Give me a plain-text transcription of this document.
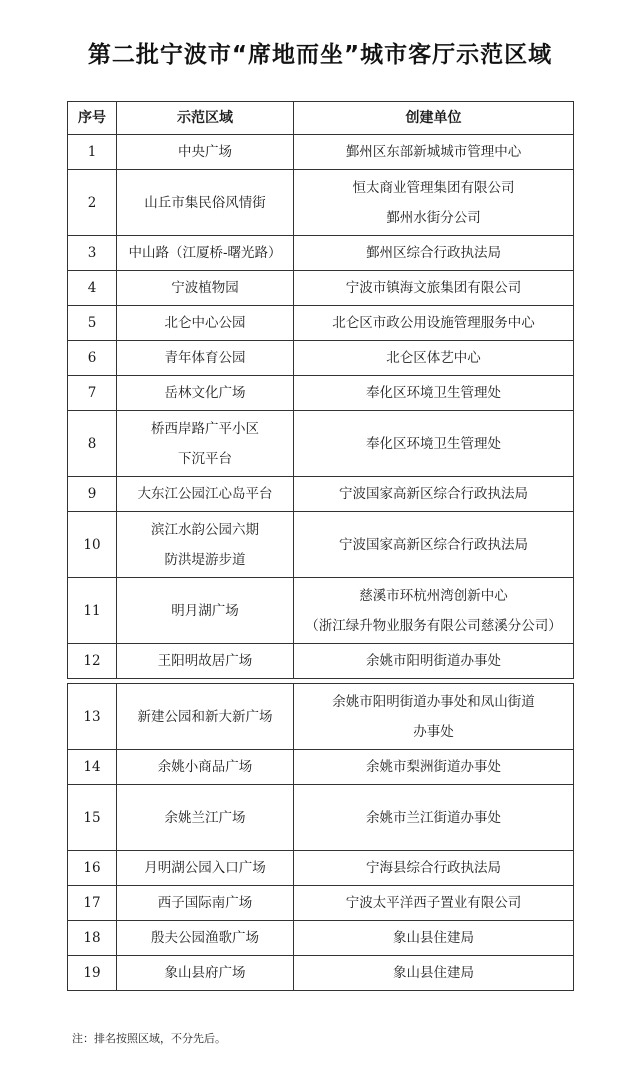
第二批宁波市“席地而坐”城市客厅示范区域
序号	示范区域	创建单位
1	中央广场	鄞州区东部新城城市管理中心

2	山丘市集民俗风情街	恒太商业管理集团有限公司
鄞州水街分公司

3	中山路（江厦桥-曙光路）	鄞州区综合行政执法局

4	宁波植物园	宁波市镇海文旅集团有限公司

5	北仑中心公园	北仑区市政公用设施管理服务中心

6	青年体育公园	北仑区体艺中心

7	岳林文化广场	奉化区环境卫生管理处

8	桥西岸路广平小区
下沉平台	奉化区环境卫生管理处

9	大东江公园江心岛平台	宁波国家高新区综合行政执法局

10	滨江水韵公园六期
防洪堤游步道	宁波国家高新区综合行政执法局

11	明月湖广场	慈溪市环杭州湾创新中心
（浙江绿升物业服务有限公司慈溪分公司）

12	王阳明故居广场	余姚市阳明街道办事处
13	新建公园和新大新广场	余姚市阳明街道办事处和凤山街道
办事处

14	余姚小商品广场	余姚市梨洲街道办事处

15	余姚兰江广场	余姚市兰江街道办事处

16	月明湖公园入口广场	宁海县综合行政执法局

17	西子国际南广场	宁波太平洋西子置业有限公司

18	殷夫公园渔歌广场	象山县住建局

19	象山县府广场	象山县住建局
注：排名按照区域，不分先后。
